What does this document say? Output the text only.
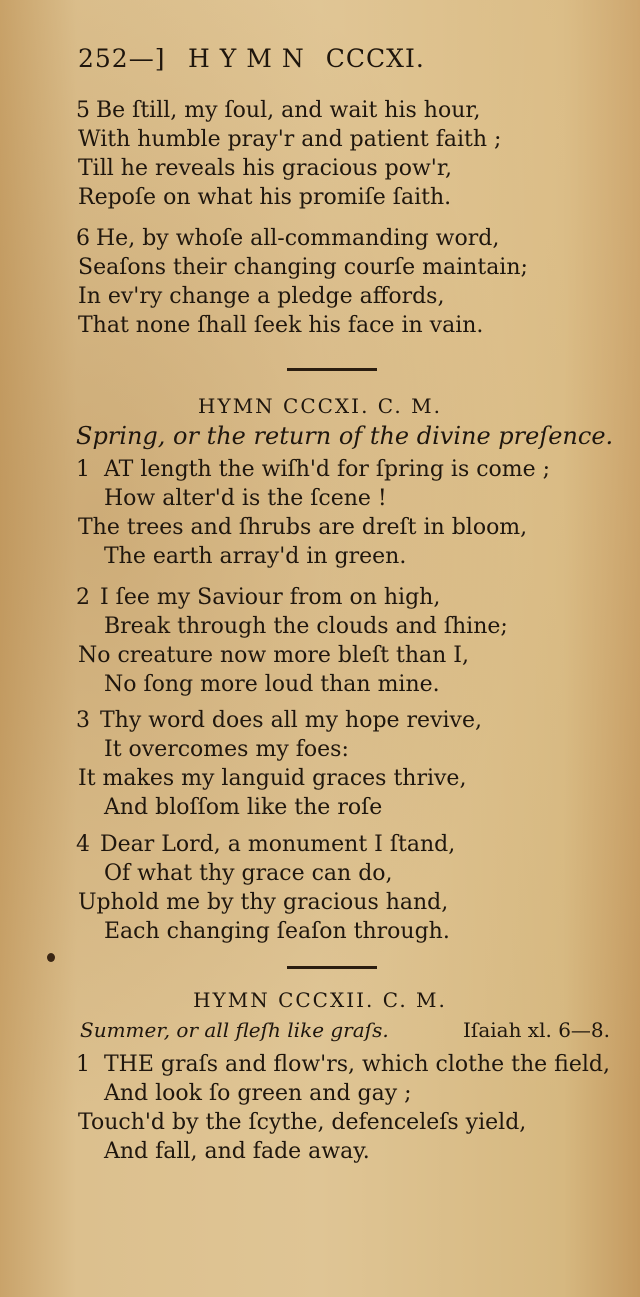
252—] HYMN CCCXI.
5 Be ſtill, my ſoul, and wait his hour,
With humble pray'r and patient faith ;
Till he reveals his gracious pow'r,
Repoſe on what his promiſe ſaith.
6 He, by whoſe all-commanding word,
Seaſons their changing courſe maintain;
In ev'ry change a pledge affords,
That none ſhall ſeek his face in vain.
HYMN CCCXI. C. M.
Spring, or the return of the divine preſence.
1 AT length the wiſh'd for ſpring is come ;
How alter'd is the ſcene !
The trees and ſhrubs are dreſt in bloom,
The earth array'd in green.
2 I ſee my Saviour from on high,
Break through the clouds and ſhine;
No creature now more bleſt than I,
No ſong more loud than mine.
3 Thy word does all my hope revive,
It overcomes my foes:
It makes my languid graces thrive,
And bloſſom like the roſe
4 Dear Lord, a monument I ſtand,
Of what thy grace can do,
Uphold me by thy gracious hand,
Each changing ſeaſon through.
HYMN CCCXII. C. M.
Summer, or all fleſh like graſs.	Iſaiah xl. 6—8.
1 THE graſs and flow'rs, which clothe the field,
And look ſo green and gay ;
Touch'd by the ſcythe, defenceleſs yield,
And fall, and fade away.
